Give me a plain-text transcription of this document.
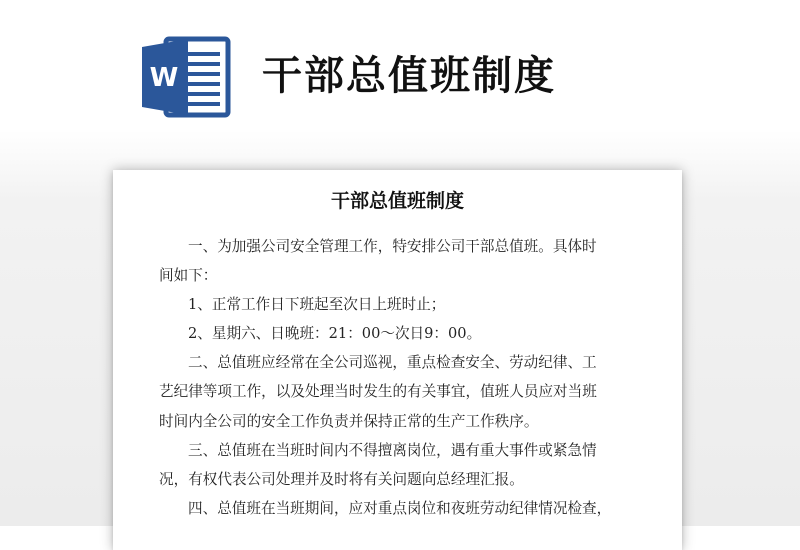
W 干部总值班制度
干部总值班制度
一、为加强公司安全管理工作，特安排公司干部总值班。具体时
间如下：
1、正常工作日下班起至次日上班时止；
2、星期六、日晚班：21：00～次日9：00。
二、总值班应经常在全公司巡视，重点检查安全、劳动纪律、工
艺纪律等项工作，以及处理当时发生的有关事宜，值班人员应对当班
时间内全公司的安全工作负责并保持正常的生产工作秩序。
三、总值班在当班时间内不得擅离岗位，遇有重大事件或紧急情
况，有权代表公司处理并及时将有关问题向总经理汇报。
四、总值班在当班期间，应对重点岗位和夜班劳动纪律情况检查，
